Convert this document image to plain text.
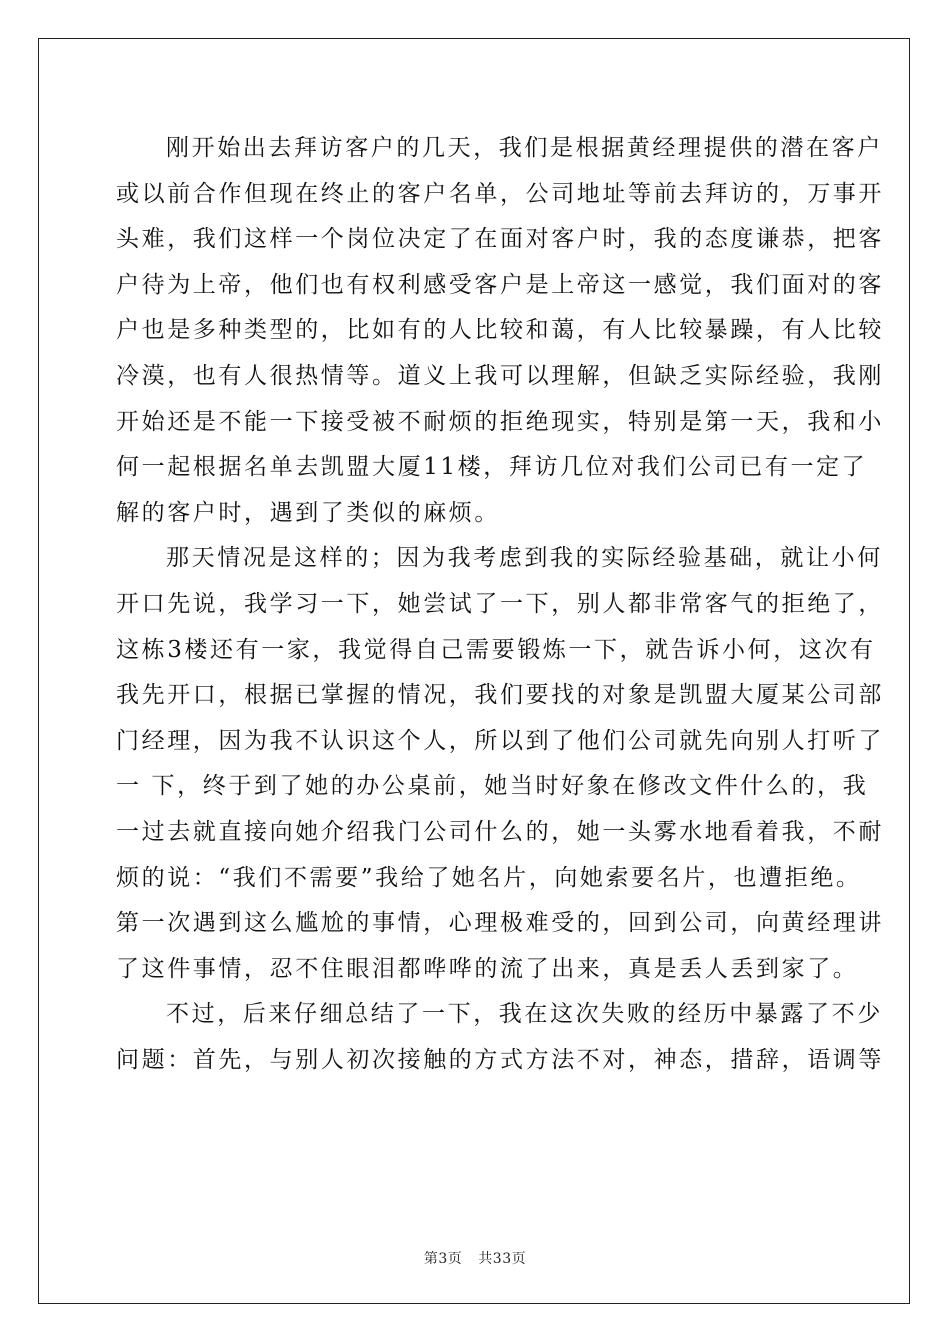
刚开始出去拜访客户的几天，我们是根据黄经理提供的潜在客户
或以前合作但现在终止的客户名单，公司地址等前去拜访的，万事开
头难，我们这样一个岗位决定了在面对客户时，我的态度谦恭，把客
户待为上帝，他们也有权利感受客户是上帝这一感觉，我们面对的客
户也是多种类型的，比如有的人比较和蔼，有人比较暴躁，有人比较
冷漠，也有人很热情等。道义上我可以理解，但缺乏实际经验，我刚
开始还是不能一下接受被不耐烦的拒绝现实，特别是第一天，我和小
何一起根据名单去凯盟大厦11楼，拜访几位对我们公司已有一定了
解的客户时，遇到了类似的麻烦。
那天情况是这样的；因为我考虑到我的实际经验基础，就让小何
开口先说，我学习一下，她尝试了一下，别人都非常客气的拒绝了，
这栋3楼还有一家，我觉得自己需要锻炼一下，就告诉小何，这次有
我先开口，根据已掌握的情况，我们要找的对象是凯盟大厦某公司部
门经理，因为我不认识这个人，所以到了他们公司就先向别人打听了
一 下，终于到了她的办公桌前，她当时好象在修改文件什么的，我
一过去就直接向她介绍我门公司什么的，她一头雾水地看着我，不耐
烦的说：“我们不需要”我给了她名片，向她索要名片，也遭拒绝。
第一次遇到这么尴尬的事情，心理极难受的，回到公司，向黄经理讲
了这件事情，忍不住眼泪都哗哗的流了出来，真是丢人丢到家了。
不过，后来仔细总结了一下，我在这次失败的经历中暴露了不少
问题：首先，与别人初次接触的方式方法不对，神态，措辞，语调等
第3页 共33页
